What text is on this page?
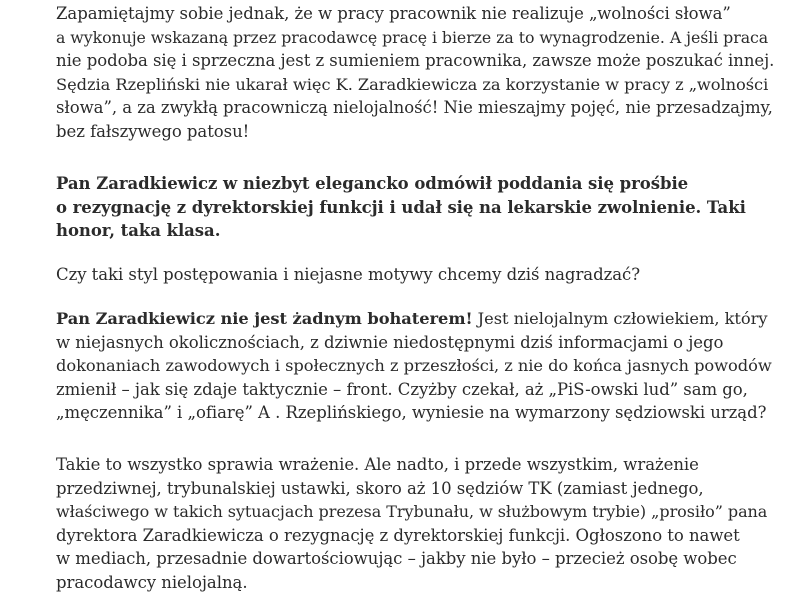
Zapamiętajmy sobie jednak, że w pracy pracownik nie realizuje „wolności słowa”
a wykonuje wskazaną przez pracodawcę pracę i bierze za to wynagrodzenie. A jeśli praca
nie podoba się i sprzeczna jest z sumieniem pracownika, zawsze może poszukać innej.
Sędzia Rzepliński nie ukarał więc K. Zaradkiewicza za korzystanie w pracy z „wolności
słowa”, a za zwykłą pracowniczą nielojalność! Nie mieszajmy pojęć, nie przesadzajmy,
bez fałszywego patosu!

Pan Zaradkiewicz w niezbyt elegancko odmówił poddania się prośbie
o rezygnację z dyrektorskiej funkcji i udał się na lekarskie zwolnienie. Taki
honor, taka klasa.

Czy taki styl postępowania i niejasne motywy chcemy dziś nagradzać?

Pan Zaradkiewicz nie jest żadnym bohaterem! Jest nielojalnym człowiekiem, który
w niejasnych okolicznościach, z dziwnie niedostępnymi dziś informacjami o jego
dokonaniach zawodowych i społecznych z przeszłości, z nie do końca jasnych powodów
zmienił – jak się zdaje taktycznie – front. Czyżby czekał, aż „PiS-owski lud” sam go,
„męczennika” i „ofiarę” A . Rzeplińskiego, wyniesie na wymarzony sędziowski urząd?

Takie to wszystko sprawia wrażenie. Ale nadto, i przede wszystkim, wrażenie
przedziwnej, trybunalskiej ustawki, skoro aż 10 sędziów TK (zamiast jednego,
właściwego w takich sytuacjach prezesa Trybunału, w służbowym trybie) „prosiło” pana
dyrektora Zaradkiewicza o rezygnację z dyrektorskiej funkcji. Ogłoszono to nawet
w mediach, przesadnie dowartościowując – jakby nie było – przecież osobę wobec
pracodawcy nielojalną.
